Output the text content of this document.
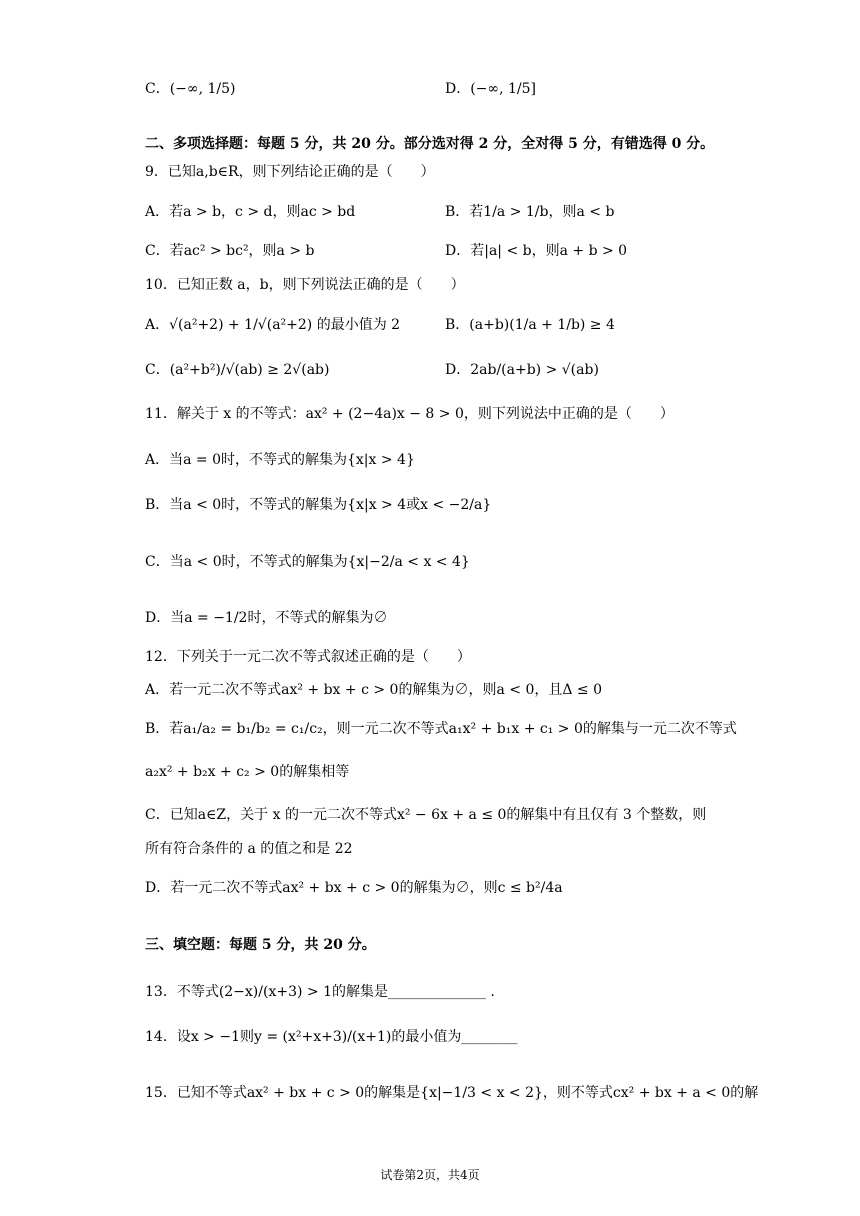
C．(−∞, 1/5)	D．(−∞, 1/5]
二、多项选择题：每题 5 分，共 20 分。部分选对得 2 分，全对得 5 分，有错选得 0 分。
9．已知a,b∈R，则下列结论正确的是（　　）
A．若a > b，c > d，则ac > bd	B．若1/a > 1/b，则a < b
C．若ac² > bc²，则a > b	D．若|a| < b，则a + b > 0
10．已知正数 a，b，则下列说法正确的是（　　）
A．√(a²+2) + 1/√(a²+2) 的最小值为 2	B．(a+b)(1/a + 1/b) ≥ 4
C．(a²+b²)/√(ab) ≥ 2√(ab)	D．2ab/(a+b) > √(ab)
11．解关于 x 的不等式：ax² + (2−4a)x − 8 > 0，则下列说法中正确的是（　　）
A．当a = 0时，不等式的解集为{x|x > 4}
B．当a < 0时，不等式的解集为{x|x > 4或x < −2/a}
C．当a < 0时，不等式的解集为{x|−2/a < x < 4}
D．当a = −1/2时，不等式的解集为∅
12．下列关于一元二次不等式叙述正确的是（　　）
A．若一元二次不等式ax² + bx + c > 0的解集为∅，则a < 0，且Δ ≤ 0
B．若a₁/a₂ = b₁/b₂ = c₁/c₂，则一元二次不等式a₁x² + b₁x + c₁ > 0的解集与一元二次不等式
a₂x² + b₂x + c₂ > 0的解集相等
C．已知a∈Z，关于 x 的一元二次不等式x² − 6x + a ≤ 0的解集中有且仅有 3 个整数，则
所有符合条件的 a 的值之和是 22
D．若一元二次不等式ax² + bx + c > 0的解集为∅，则c ≤ b²/4a
三、填空题：每题 5 分，共 20 分。
13．不等式(2−x)/(x+3) > 1的解集是______________ .
14．设x > −1则y = (x²+x+3)/(x+1)的最小值为________
15．已知不等式ax² + bx + c > 0的解集是{x|−1/3 < x < 2}，则不等式cx² + bx + a < 0的解
试卷第2页，共4页
